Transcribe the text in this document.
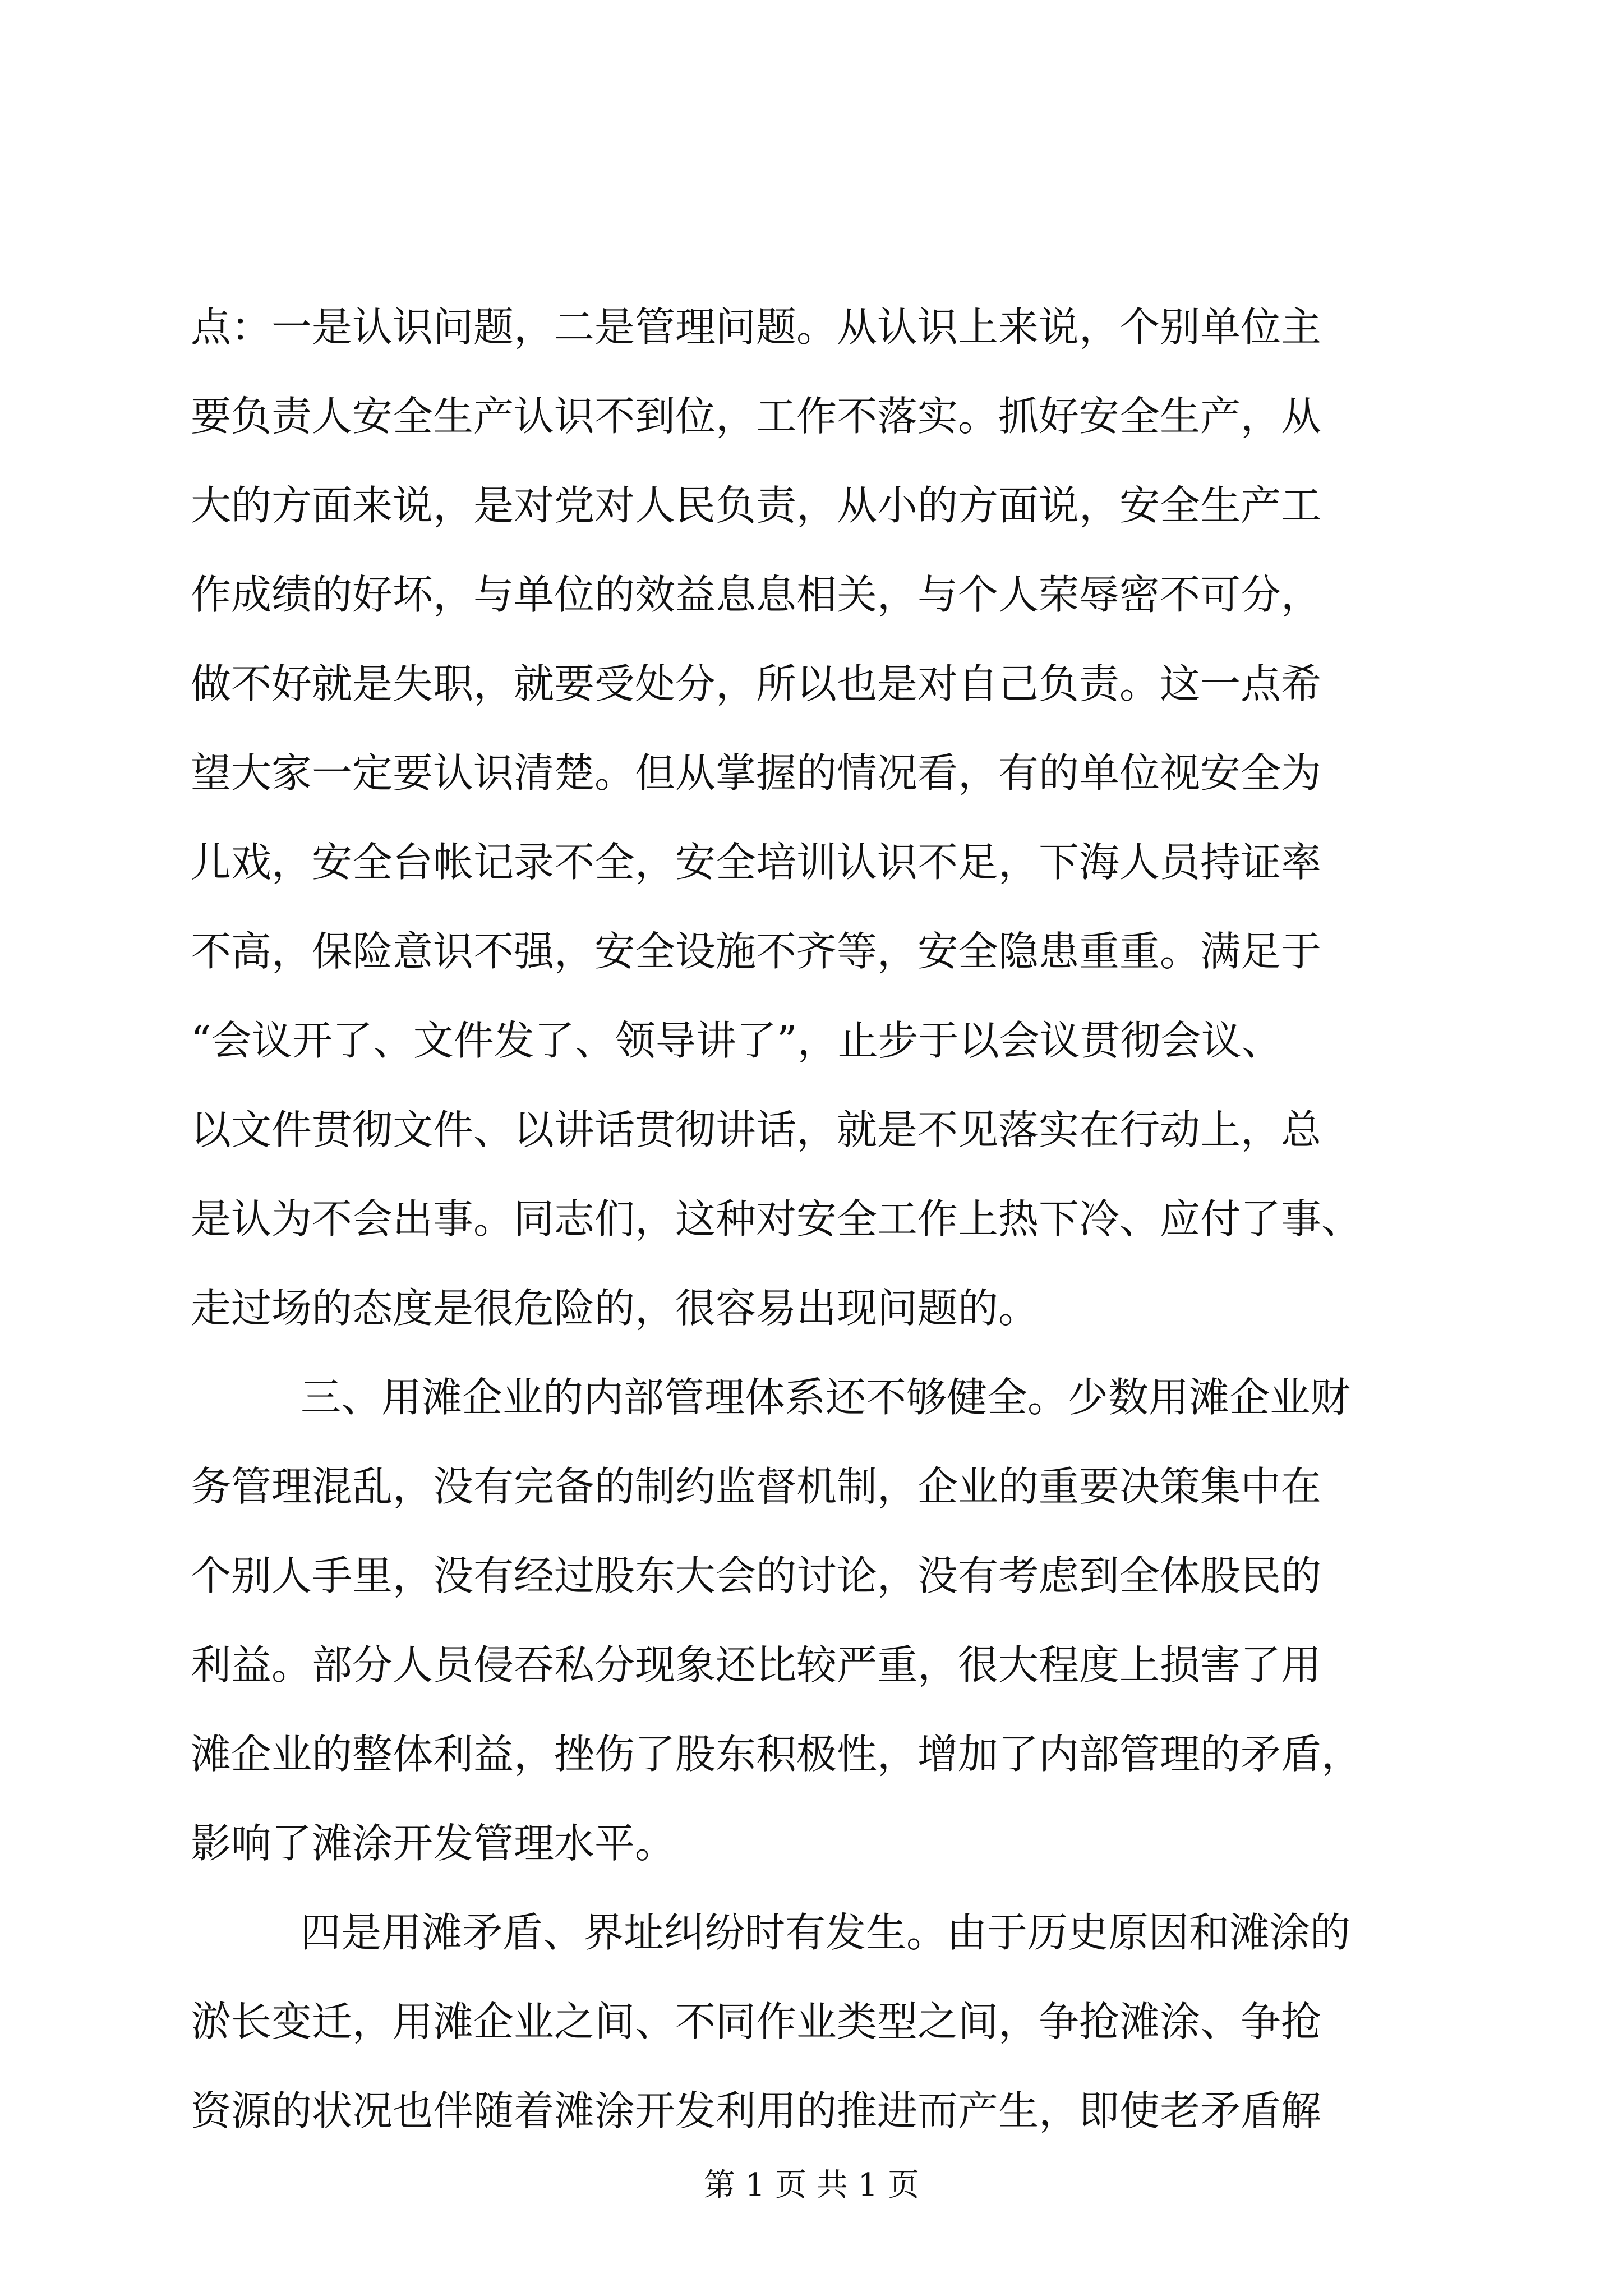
点：一是认识问题，二是管理问题。从认识上来说，个别单位主
要负责人安全生产认识不到位，工作不落实。抓好安全生产，从
大的方面来说，是对党对人民负责，从小的方面说，安全生产工
作成绩的好坏，与单位的效益息息相关，与个人荣辱密不可分，
做不好就是失职，就要受处分，所以也是对自己负责。这一点希
望大家一定要认识清楚。但从掌握的情况看，有的单位视安全为
儿戏，安全台帐记录不全，安全培训认识不足，下海人员持证率
不高，保险意识不强，安全设施不齐等，安全隐患重重。满足于
“会议开了、文件发了、领导讲了”，止步于以会议贯彻会议、
以文件贯彻文件、以讲话贯彻讲话，就是不见落实在行动上，总
是认为不会出事。同志们，这种对安全工作上热下冷、应付了事、
走过场的态度是很危险的，很容易出现问题的。
三、用滩企业的内部管理体系还不够健全。少数用滩企业财
务管理混乱，没有完备的制约监督机制，企业的重要决策集中在
个别人手里，没有经过股东大会的讨论，没有考虑到全体股民的
利益。部分人员侵吞私分现象还比较严重，很大程度上损害了用
滩企业的整体利益，挫伤了股东积极性，增加了内部管理的矛盾，
影响了滩涂开发管理水平。
四是用滩矛盾、界址纠纷时有发生。由于历史原因和滩涂的
淤长变迁，用滩企业之间、不同作业类型之间，争抢滩涂、争抢
资源的状况也伴随着滩涂开发利用的推进而产生，即使老矛盾解
第 1 页 共 1 页
